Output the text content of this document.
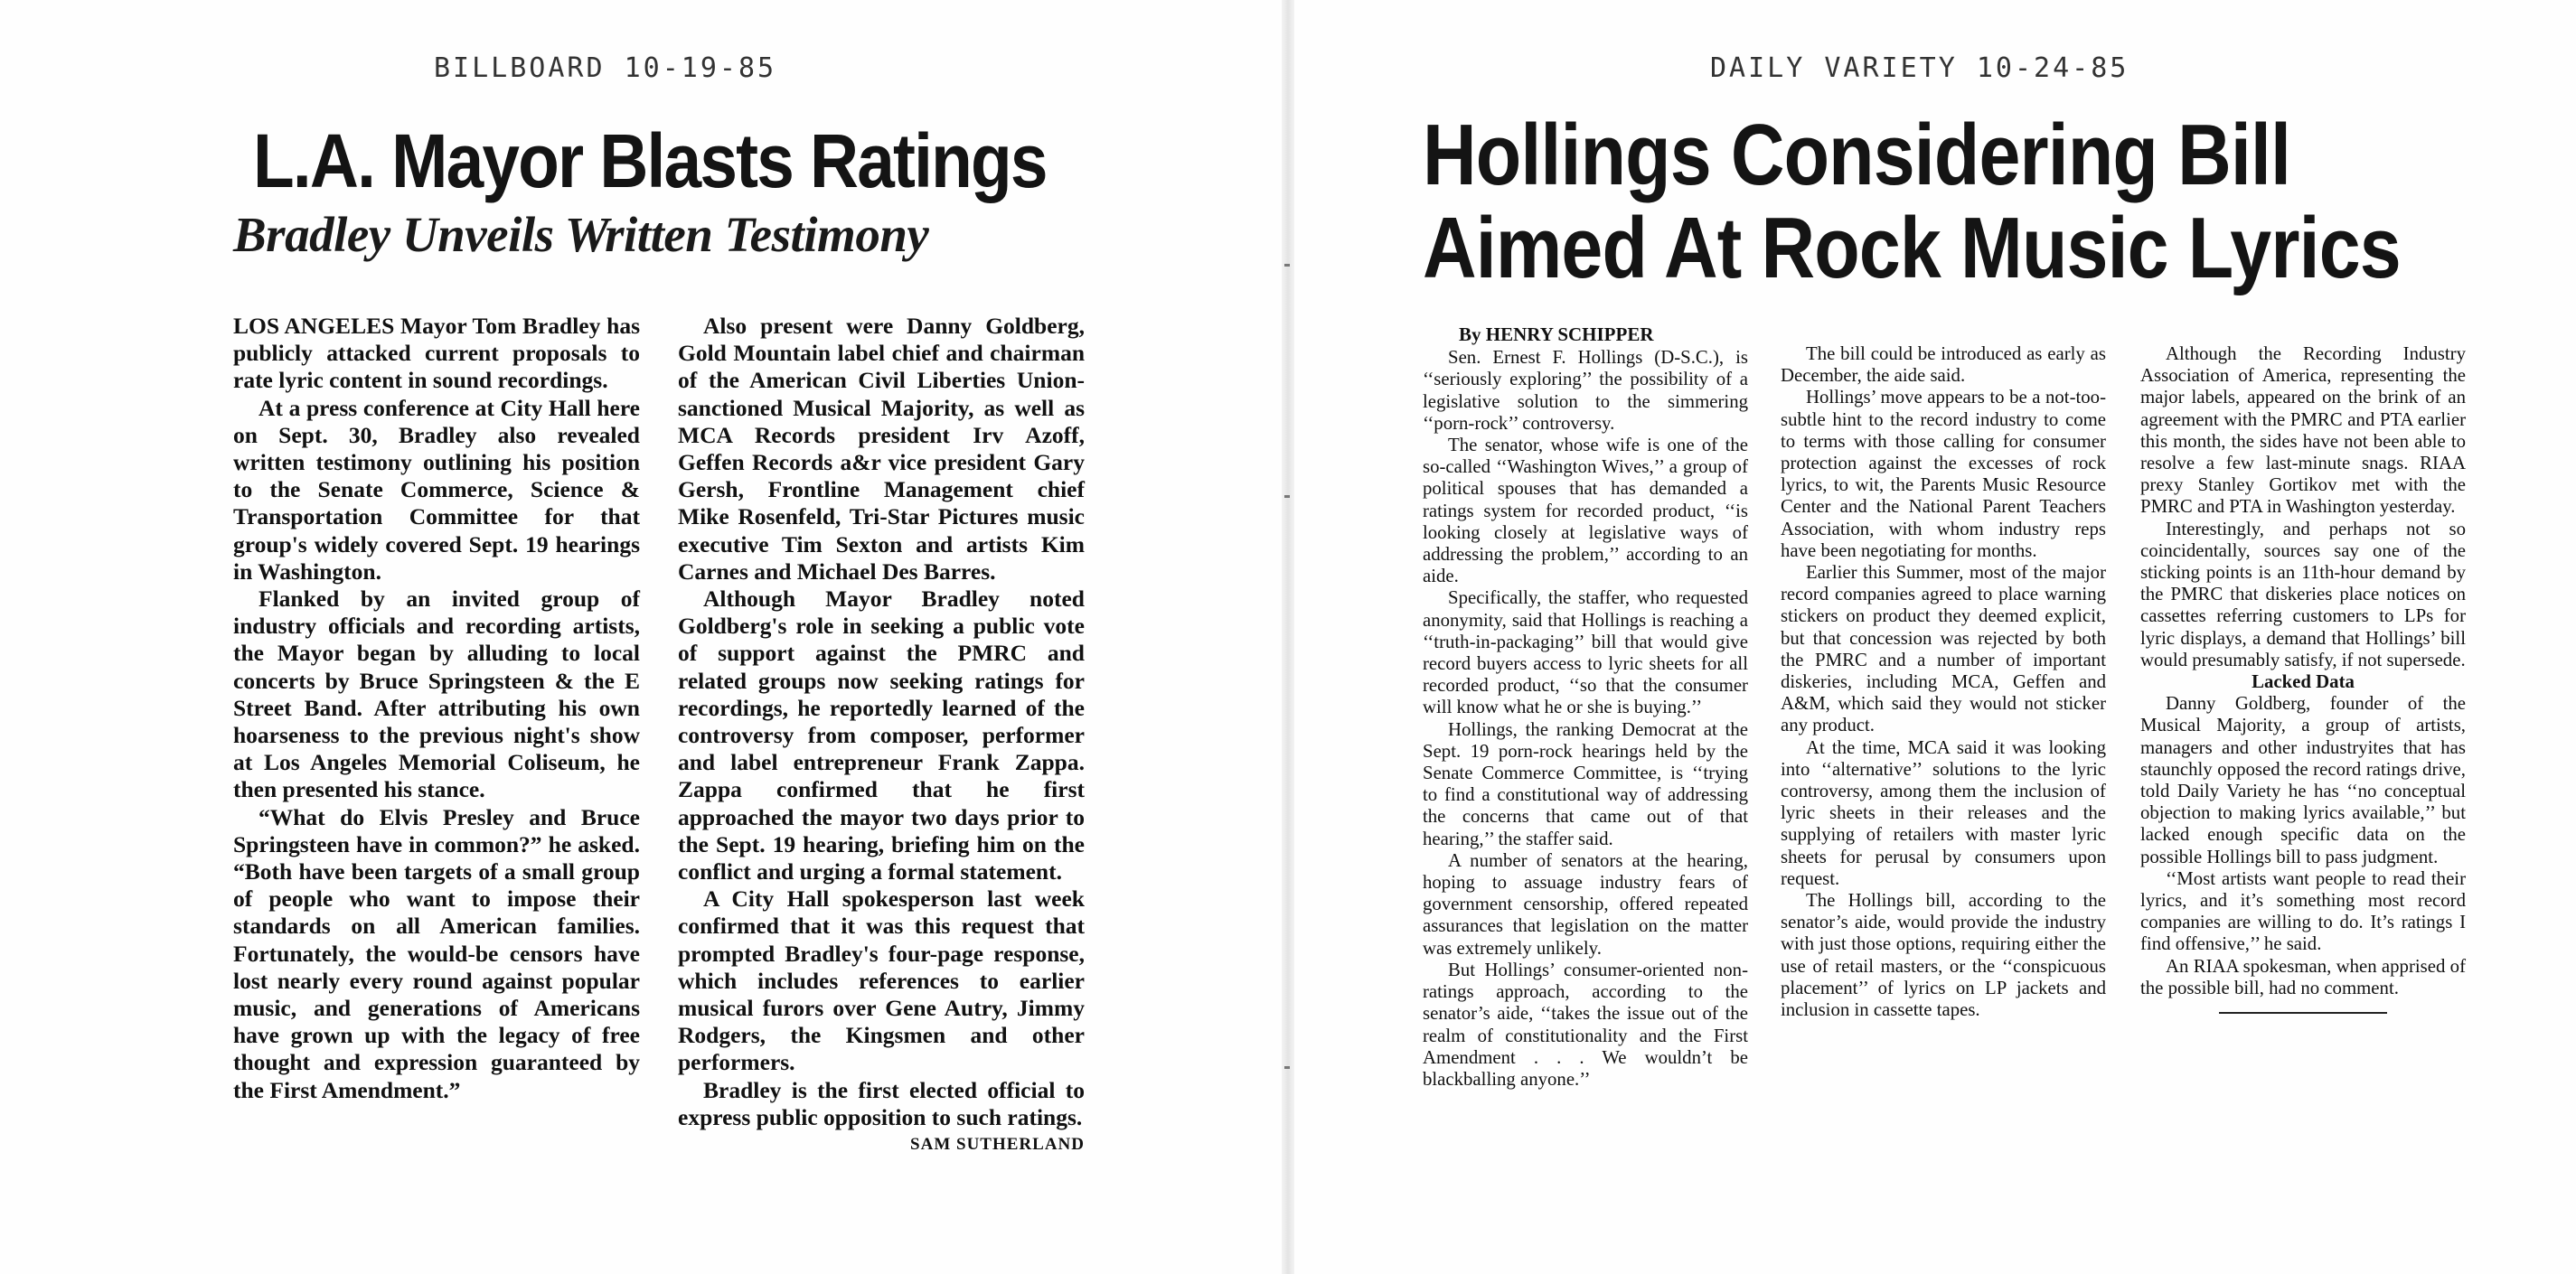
BILLBOARD 10-19-85
L.A. Mayor Blasts Ratings
Bradley Unveils Written Testimony

LOS ANGELES Mayor Tom Bradley has publicly attacked current proposals to rate lyric content in sound recordings.

At a press conference at City Hall here on Sept. 30, Bradley also revealed written testimony outlining his position to the Senate Commerce, Science & Transportation Committee for that group's widely covered Sept. 19 hearings in Washington.

Flanked by an invited group of industry officials and recording artists, the Mayor began by alluding to local concerts by Bruce Springsteen & the E Street Band. After attributing his own hoarseness to the previous night's show at Los Angeles Memorial Coliseum, he then presented his stance.

“What do Elvis Presley and Bruce Springsteen have in common?” he asked. “Both have been targets of a small group of people who want to impose their standards on all American families. Fortunately, the would-be censors have lost nearly every round against popular music, and generations of Americans have grown up with the legacy of free thought and expression guaranteed by the First Amendment.”

Also present were Danny Goldberg, Gold Mountain label chief and chairman of the American Civil Liberties Union-sanctioned Musical Majority, as well as MCA Records president Irv Azoff, Geffen Records a&r vice president Gary Gersh, Frontline Management chief Mike Rosenfeld, Tri-Star Pictures music executive Tim Sexton and artists Kim Carnes and Michael Des Barres.

Although Mayor Bradley noted Goldberg's role in seeking a public vote of support against the PMRC and related groups now seeking ratings for recordings, he reportedly learned of the controversy from composer, performer and label entrepreneur Frank Zappa. Zappa confirmed that he first approached the mayor two days prior to the Sept. 19 hearing, briefing him on the conflict and urging a formal statement.

A City Hall spokesperson last week confirmed that it was this request that prompted Bradley's four-page response, which includes references to earlier musical furors over Gene Autry, Jimmy Rodgers, the Kingsmen and other performers.

Bradley is the first elected official to express public opposition to such ratings.

SAM SUTHERLAND

DAILY VARIETY 10-24-85
Hollings Considering Bill
Aimed At Rock Music Lyrics

By HENRY SCHIPPER

Sen. Ernest F. Hollings (D-S.C.), is ‘‘seriously exploring’’ the possibility of a legislative solution to the simmering ‘‘porn-rock’’ controversy.

The senator, whose wife is one of the so-called ‘‘Washington Wives,’’ a group of political spouses that has demanded a ratings system for recorded product, ‘‘is looking closely at legislative ways of addressing the problem,’’ according to an aide.

Specifically, the staffer, who requested anonymity, said that Hollings is reaching a ‘‘truth-in-packaging’’ bill that would give record buyers access to lyric sheets for all recorded product, ‘‘so that the consumer will know what he or she is buying.’’

Hollings, the ranking Democrat at the Sept. 19 porn-rock hearings held by the Senate Commerce Committee, is ‘‘trying to find a constitutional way of addressing the concerns that came out of that hearing,’’ the staffer said.

A number of senators at the hearing, hoping to assuage industry fears of government censorship, offered repeated assurances that legislation on the matter was extremely unlikely.

But Hollings’ consumer-oriented non-ratings approach, according to the senator’s aide, ‘‘takes the issue out of the realm of constitutionality and the First Amendment . . . We wouldn’t be blackballing anyone.’’

The bill could be introduced as early as December, the aide said.

Hollings’ move appears to be a not-too-subtle hint to the record industry to come to terms with those calling for consumer protection against the excesses of rock lyrics, to wit, the Parents Music Resource Center and the National Parent Teachers Association, with whom industry reps have been negotiating for months.

Earlier this Summer, most of the major record companies agreed to place warning stickers on product they deemed explicit, but that concession was rejected by both the PMRC and a number of important diskeries, including MCA, Geffen and A&M, which said they would not sticker any product.

At the time, MCA said it was looking into ‘‘alternative’’ solutions to the lyric controversy, among them the inclusion of lyric sheets in their releases and the supplying of retailers with master lyric sheets for perusal by consumers upon request.

The Hollings bill, according to the senator’s aide, would provide the industry with just those options, requiring either the use of retail masters, or the ‘‘conspicuous placement’’ of lyrics on LP jackets and inclusion in cassette tapes.

Although the Recording Industry Association of America, representing the major labels, appeared on the brink of an agreement with the PMRC and PTA earlier this month, the sides have not been able to resolve a few last-minute snags. RIAA prexy Stanley Gortikov met with the PMRC and PTA in Washington yesterday.

Interestingly, and perhaps not so coincidentally, sources say one of the sticking points is an 11th-hour demand by the PMRC that diskeries place notices on cassettes referring customers to LPs for lyric displays, a demand that Hollings’ bill would presumably satisfy, if not supersede.

Lacked Data

Danny Goldberg, founder of the Musical Majority, a group of artists, managers and other industryites that has staunchly opposed the record ratings drive, told Daily Variety he has ‘‘no conceptual objection to making lyrics available,’’ but lacked enough specific data on the possible Hollings bill to pass judgment.

‘‘Most artists want people to read their lyrics, and it’s something most record companies are willing to do. It’s ratings I find offensive,’’ he said.

An RIAA spokesman, when apprised of the possible bill, had no comment.
